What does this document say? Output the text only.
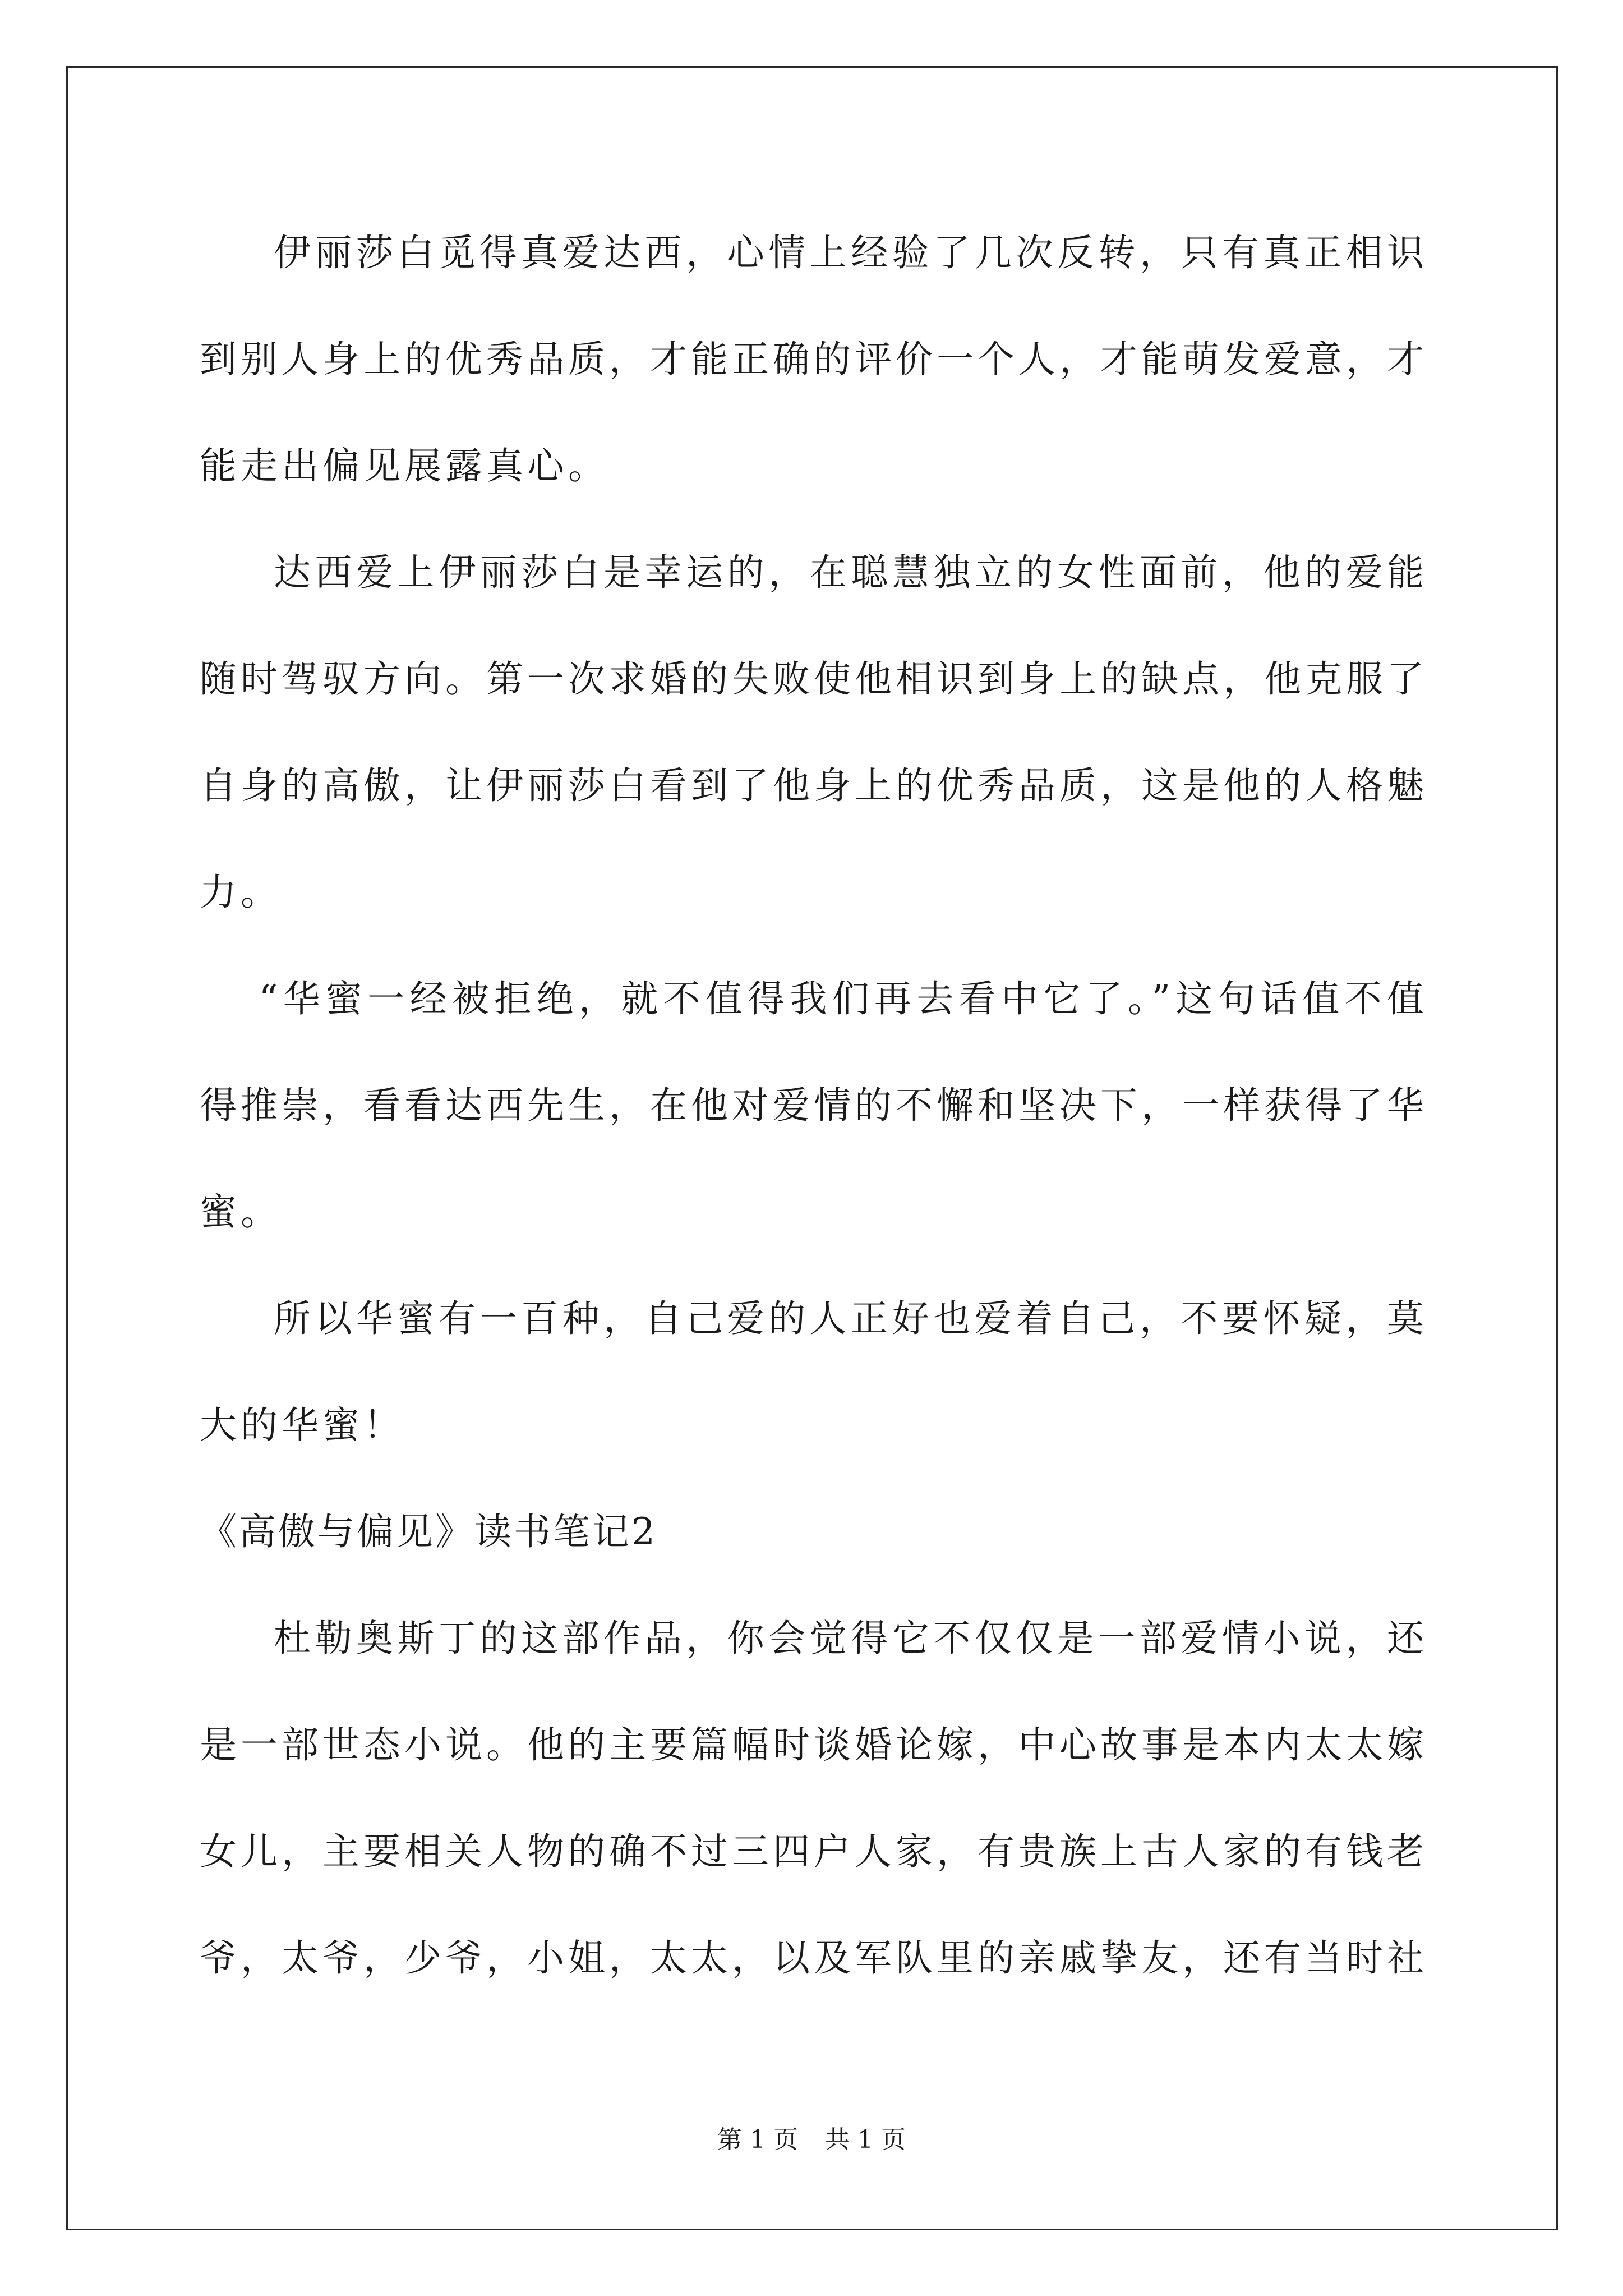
伊丽莎白觅得真爱达西，心情上经验了几次反转，只有真正相识到别人身上的优秀品质，才能正确的评价一个人，才能萌发爱意，才能走出偏见展露真心。

达西爱上伊丽莎白是幸运的，在聪慧独立的女性面前，他的爱能随时驾驭方向。第一次求婚的失败使他相识到身上的缺点，他克服了自身的高傲，让伊丽莎白看到了他身上的优秀品质，这是他的人格魅力。

“华蜜一经被拒绝，就不值得我们再去看中它了。”这句话值不值得推崇，看看达西先生，在他对爱情的不懈和坚决下，一样获得了华蜜。

所以华蜜有一百种，自己爱的人正好也爱着自己，不要怀疑，莫大的华蜜！

《高傲与偏见》读书笔记2

杜勒奥斯丁的这部作品，你会觉得它不仅仅是一部爱情小说，还是一部世态小说。他的主要篇幅时谈婚论嫁，中心故事是本内太太嫁女儿，主要相关人物的确不过三四户人家，有贵族上古人家的有钱老爷，太爷，少爷，小姐，太太，以及军队里的亲戚挚友，还有当时社

第 1 页 共 1 页
